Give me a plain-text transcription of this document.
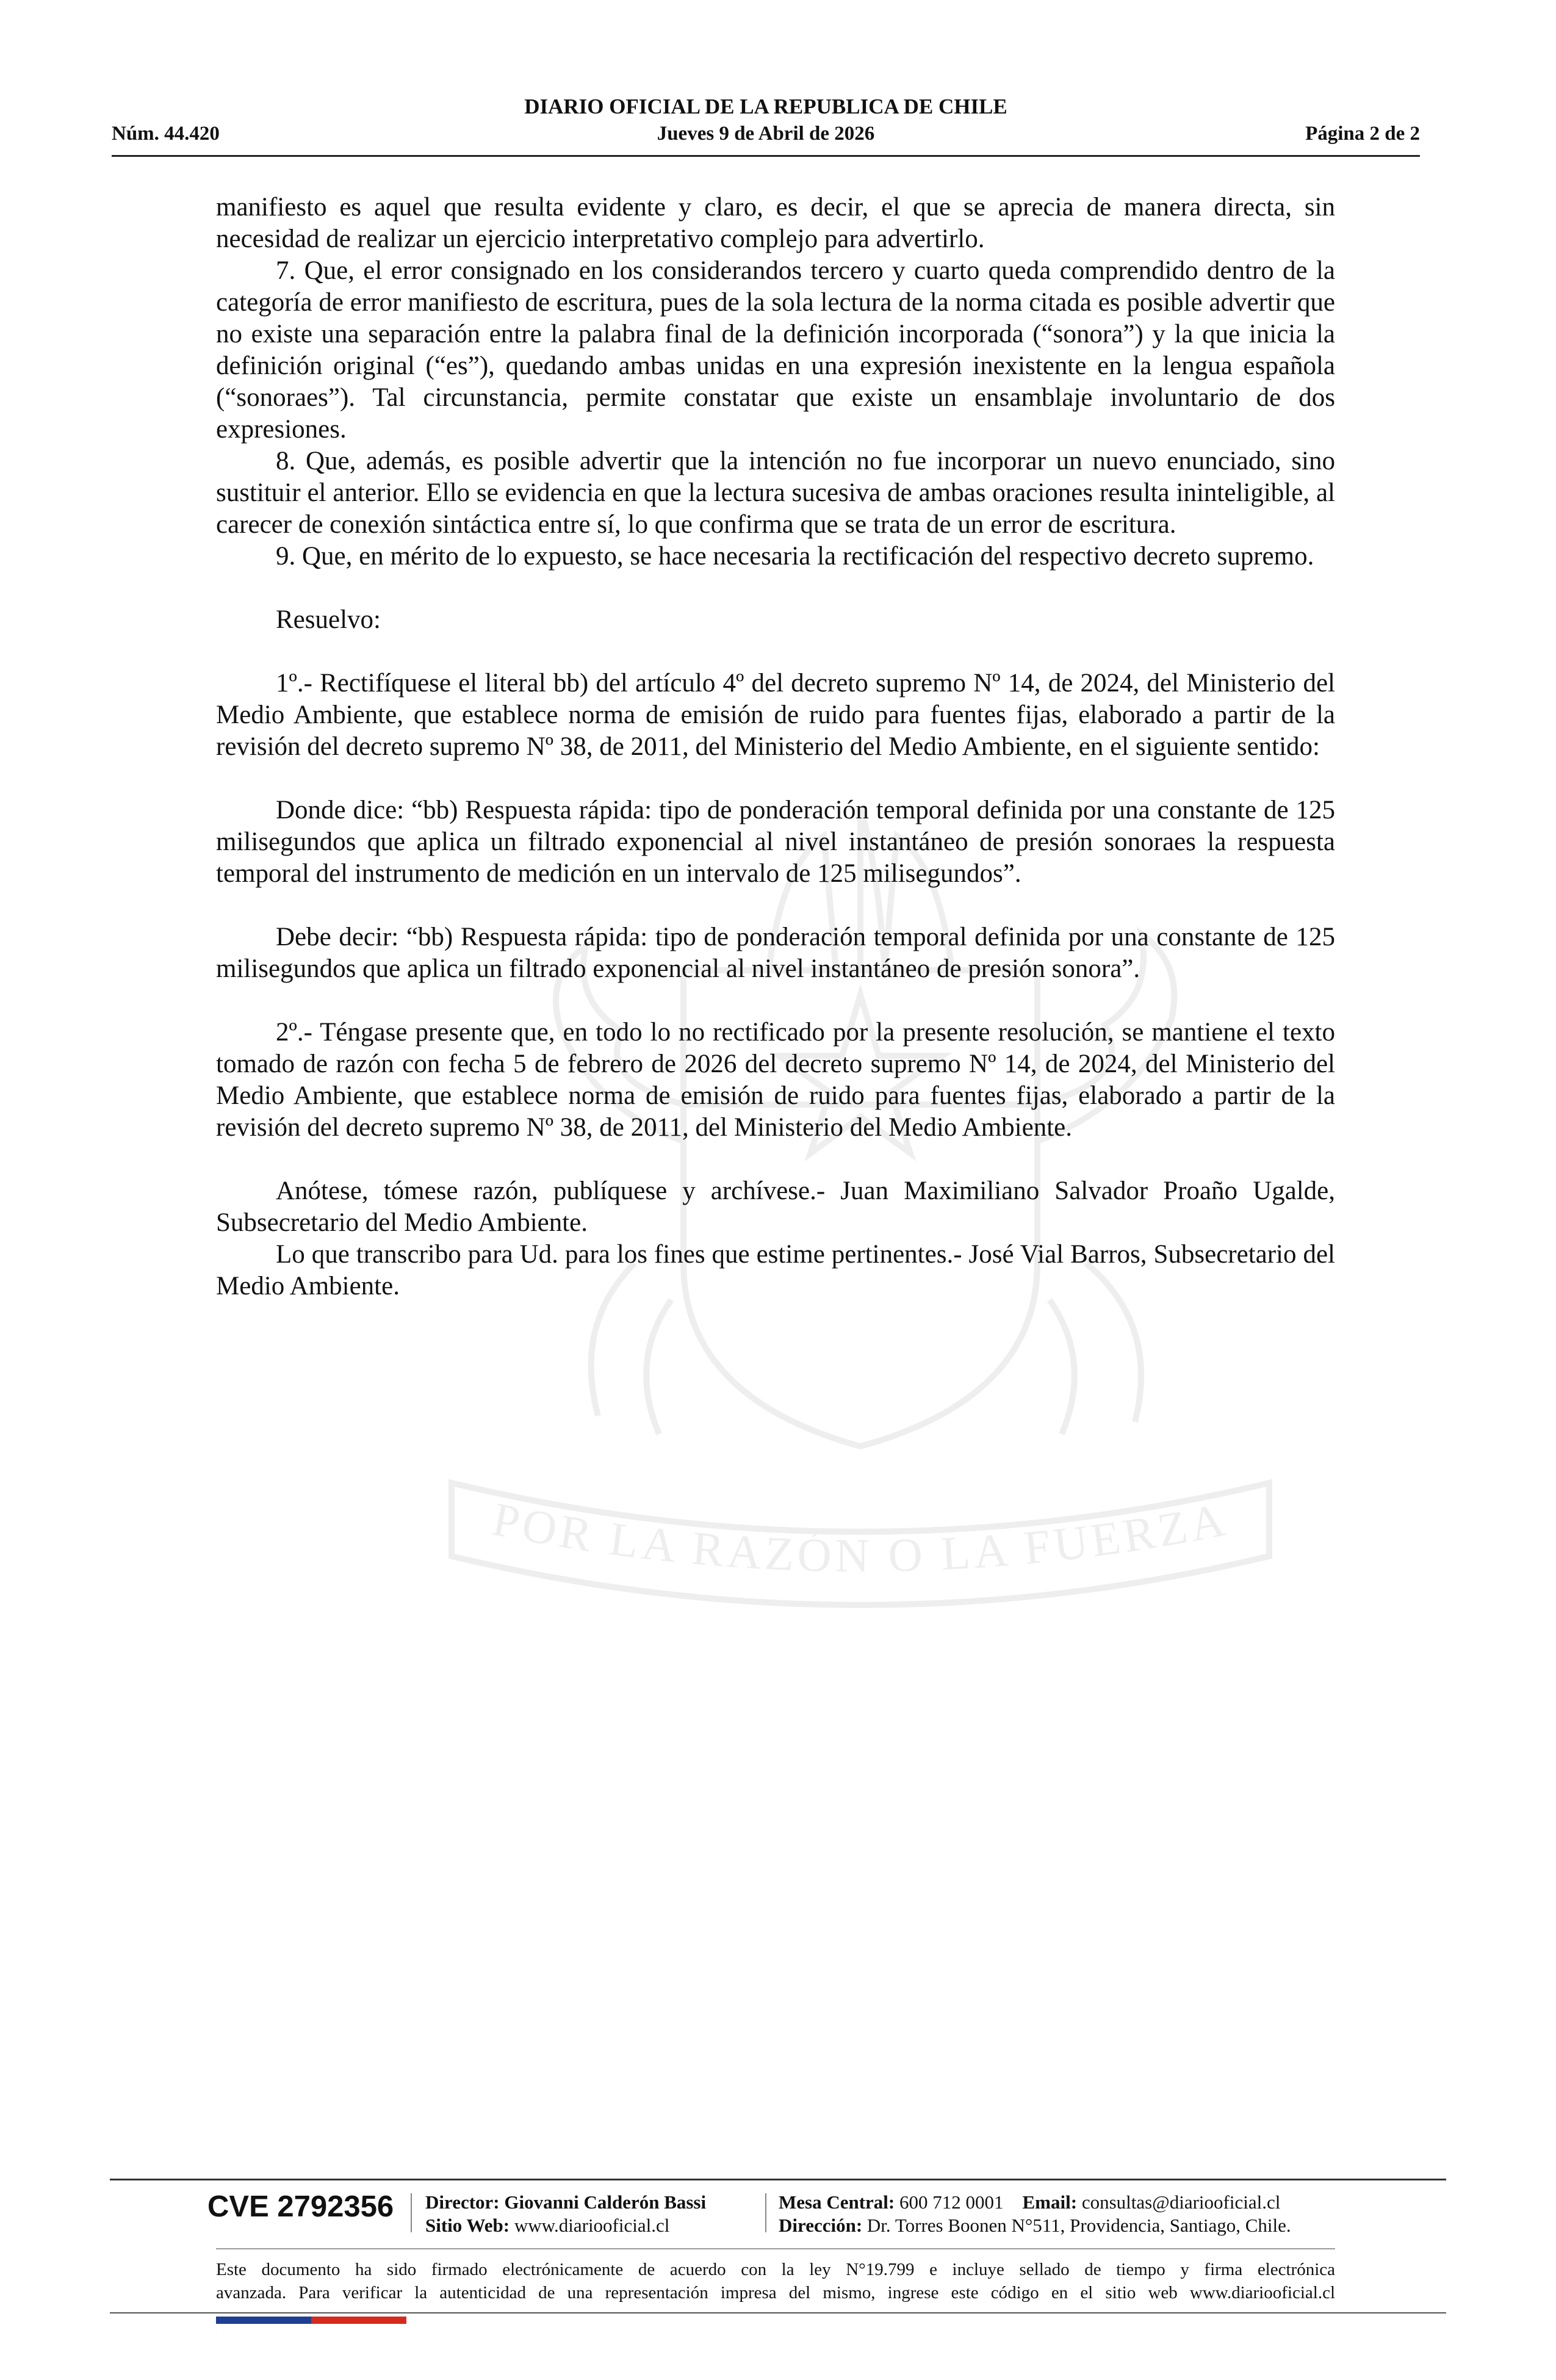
DIARIO OFICIAL DE LA REPUBLICA DE CHILE
Núm. 44.420	Jueves 9 de Abril de 2026	Página 2 de 2
POR LA RAZÓN O LA FUERZA

manifiesto es aquel que resulta evidente y claro, es decir, el que se aprecia de manera directa, sin necesidad de realizar un ejercicio interpretativo complejo para advertirlo.

7. Que, el error consignado en los considerandos tercero y cuarto queda comprendido dentro de la categoría de error manifiesto de escritura, pues de la sola lectura de la norma citada es posible advertir que no existe una separación entre la palabra final de la definición incorporada (“sonora”) y la que inicia la definición original (“es”), quedando ambas unidas en una expresión inexistente en la lengua española (“sonoraes”). Tal circunstancia, permite constatar que existe un ensamblaje involuntario de dos expresiones.

8. Que, además, es posible advertir que la intención no fue incorporar un nuevo enunciado, sino sustituir el anterior. Ello se evidencia en que la lectura sucesiva de ambas oraciones resulta ininteligible, al carecer de conexión sintáctica entre sí, lo que confirma que se trata de un error de escritura.

9. Que, en mérito de lo expuesto, se hace necesaria la rectificación del respectivo decreto supremo.

Resuelvo:

1º.- Rectifíquese el literal bb) del artículo 4º del decreto supremo Nº 14, de 2024, del Ministerio del Medio Ambiente, que establece norma de emisión de ruido para fuentes fijas, elaborado a partir de la revisión del decreto supremo Nº 38, de 2011, del Ministerio del Medio Ambiente, en el siguiente sentido:

Donde dice: “bb) Respuesta rápida: tipo de ponderación temporal definida por una constante de 125 milisegundos que aplica un filtrado exponencial al nivel instantáneo de presión sonoraes la respuesta temporal del instrumento de medición en un intervalo de 125 milisegundos”.

Debe decir: “bb) Respuesta rápida: tipo de ponderación temporal definida por una constante de 125 milisegundos que aplica un filtrado exponencial al nivel instantáneo de presión sonora”.

2º.- Téngase presente que, en todo lo no rectificado por la presente resolución, se mantiene el texto tomado de razón con fecha 5 de febrero de 2026 del decreto supremo Nº 14, de 2024, del Ministerio del Medio Ambiente, que establece norma de emisión de ruido para fuentes fijas, elaborado a partir de la revisión del decreto supremo Nº 38, de 2011, del Ministerio del Medio Ambiente.

Anótese, tómese razón, publíquese y archívese.- Juan Maximiliano Salvador Proaño Ugalde, Subsecretario del Medio Ambiente.

Lo que transcribo para Ud. para los fines que estime pertinentes.- José Vial Barros, Subsecretario del Medio Ambiente.

CVE 2792356 Director: Giovanni Calderón Bassi
Sitio Web: www.diariooficial.cl
Mesa Central: 600 712 0001 Email: consultas@diariooficial.cl
Dirección: Dr. Torres Boonen N°511, Providencia, Santiago, Chile.
Este documento ha sido firmado electrónicamente de acuerdo con la ley N°19.799 e incluye sellado de tiempo y firma electrónica
avanzada. Para verificar la autenticidad de una representación impresa del mismo, ingrese este código en el sitio web www.diariooficial.cl
